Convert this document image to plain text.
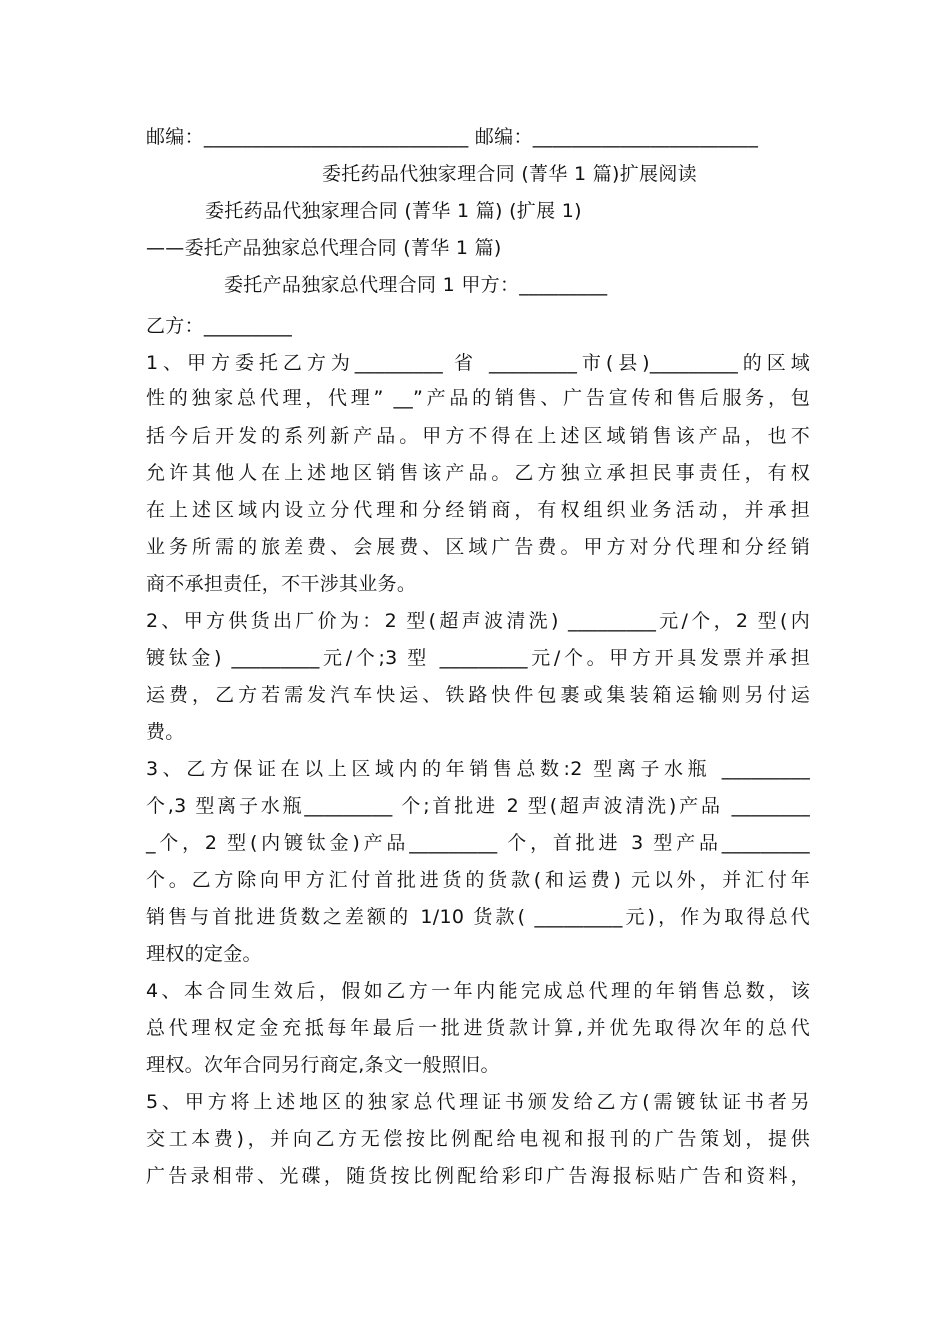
邮编：___________________________ 邮编：_______________________
委托药品代独家理合同 (菁华 1 篇)扩展阅读
委托药品代独家理合同 (菁华 1 篇) (扩展 1)
——委托产品独家总代理合同 (菁华 1 篇)
委托产品独家总代理合同 1 甲方：_________
乙方：_________
1、甲方委托乙方为_________ 省 _________市(县)_________的区域
性的独家总代理，代理” __”产品的销售、广告宣传和售后服务，包
括今后开发的系列新产品。甲方不得在上述区域销售该产品，也不
允许其他人在上述地区销售该产品。乙方独立承担民事责任，有权
在上述区域内设立分代理和分经销商，有权组织业务活动，并承担
业务所需的旅差费、会展费、区域广告费。甲方对分代理和分经销
商不承担责任，不干涉其业务。
2、甲方供货出厂价为：2 型(超声波清洗) _________元/个，2 型(内
镀钛金) _________元/个;3 型 _________元/个。甲方开具发票并承担
运费，乙方若需发汽车快运、铁路快件包裹或集装箱运输则另付运
费。
3、乙方保证在以上区域内的年销售总数:2 型离子水瓶 _________
个,3 型离子水瓶_________ 个;首批进 2 型(超声波清洗)产品 ________
_个，2 型(内镀钛金)产品_________ 个，首批进 3 型产品_________
个。乙方除向甲方汇付首批进货的货款(和运费) 元以外，并汇付年
销售与首批进货数之差额的 1/10 货款( _________元)，作为取得总代
理权的定金。
4、本合同生效后，假如乙方一年内能完成总代理的年销售总数，该
总代理权定金充抵每年最后一批进货款计算,并优先取得次年的总代
理权。次年合同另行商定,条文一般照旧。
5、甲方将上述地区的独家总代理证书颁发给乙方(需镀钛证书者另
交工本费)，并向乙方无偿按比例配给电视和报刊的广告策划，提供
广告录相带、光碟，随货按比例配给彩印广告海报标贴广告和资料，
